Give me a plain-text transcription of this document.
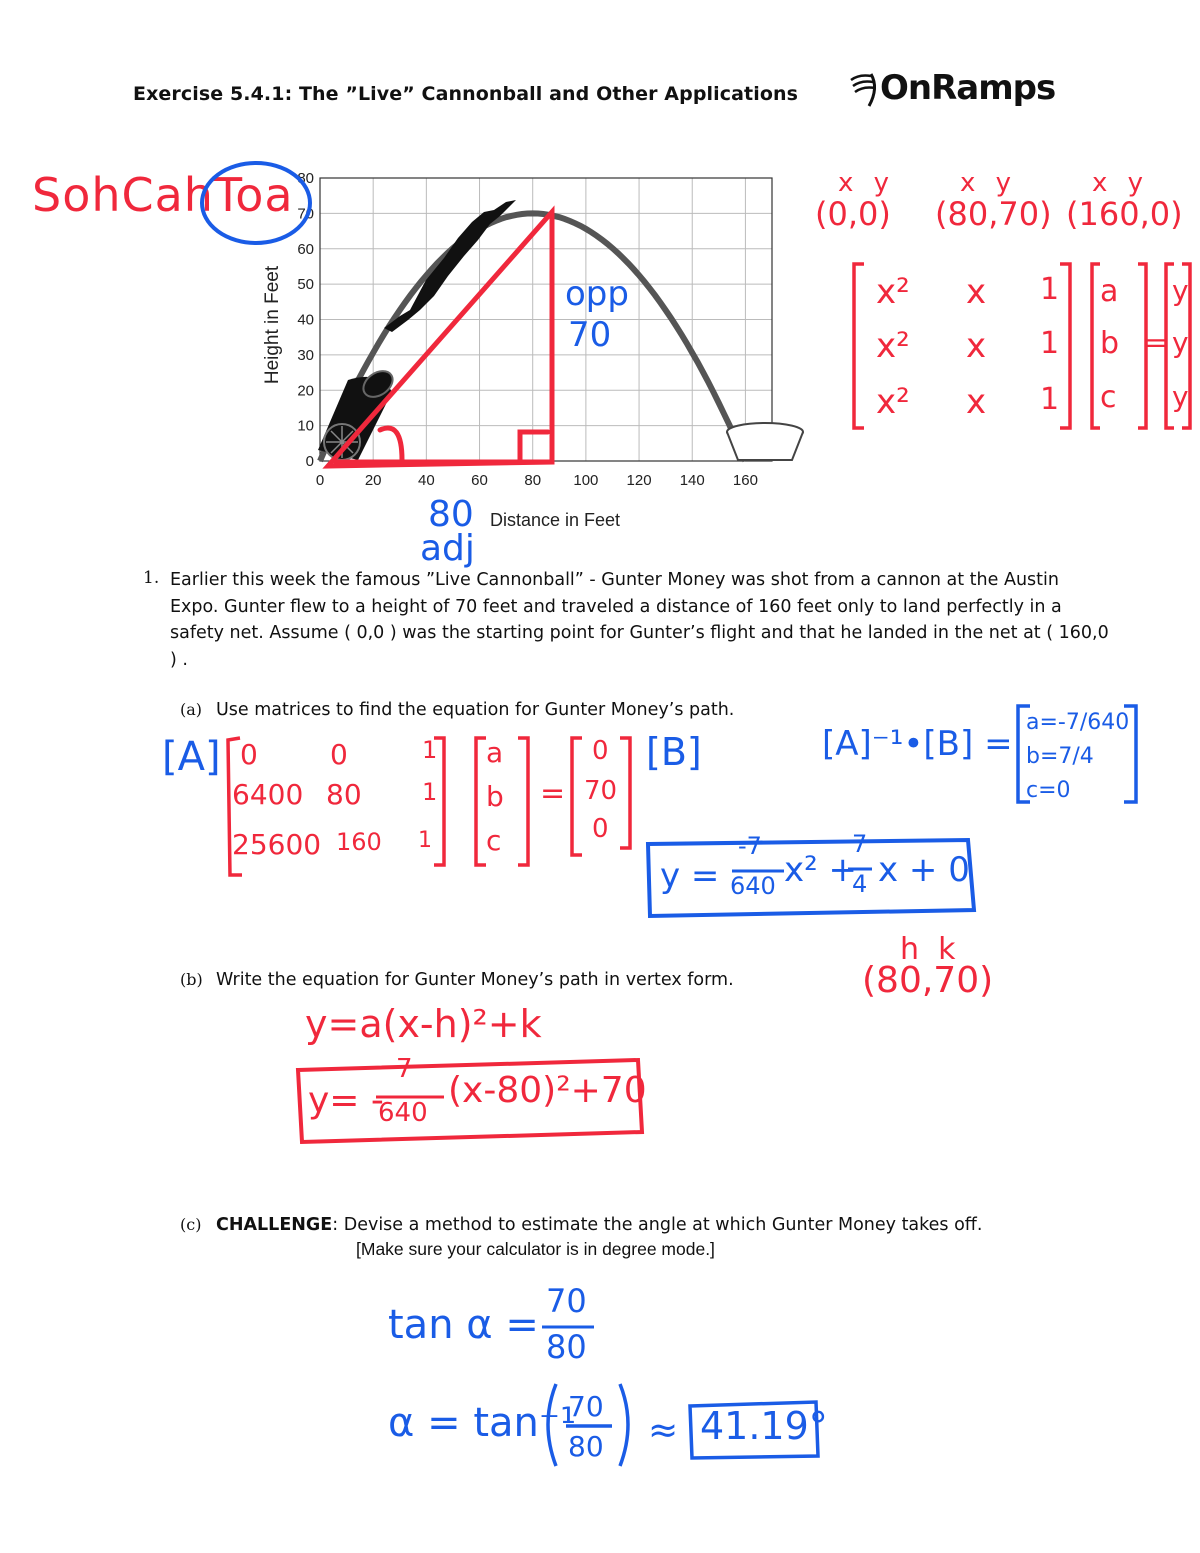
Exercise 5.4.1: The ”Live” Cannonball and Other Applications OnRamps
0
10
20
30
40
50
60
70
80
0	20 40 60 80 100 120 140 160
Height in Feet
Distance in Feet
SohCahToa
opp
70
80
adj
x y
(0,0)
x y
(80,70)
x y
(160,0)
x² x 1
x² x 1
x² x 1
a
b
c
=
y
y
y
1. Earlier this week the famous ”Live Cannonball” - Gunter Money was shot from a cannon at the Austin Expo. Gunter flew to a height of 70 feet and traveled a distance of 160 feet only to land perfectly in a safety net. Assume ( 0,0 ) was the starting point for Gunter’s flight and that he landed in the net at ( 160,0 ) .
(a) Use matrices to find the equation for Gunter Money’s path.
[A] 0	0	1
6400 80	1
25600 160 1
a
b
c
=
0
70
0
[B]	[A]⁻¹•[B] =
a=-7/640
b=7/4
c=0
y =
-7
640 x² +
7
4 x + 0
(b) Write the equation for Gunter Money’s path in vertex form.
h  k
(80,70)
y=a(x-h)²+k
y= -
7
640
(x-80)²+70
(c) CHALLENGE: Devise a method to estimate the angle at which Gunter Money takes off.
[Make sure your calculator is in degree mode.]
tan α =
70
80
α = tan⁻¹
70
80 ≈ 41.19°
